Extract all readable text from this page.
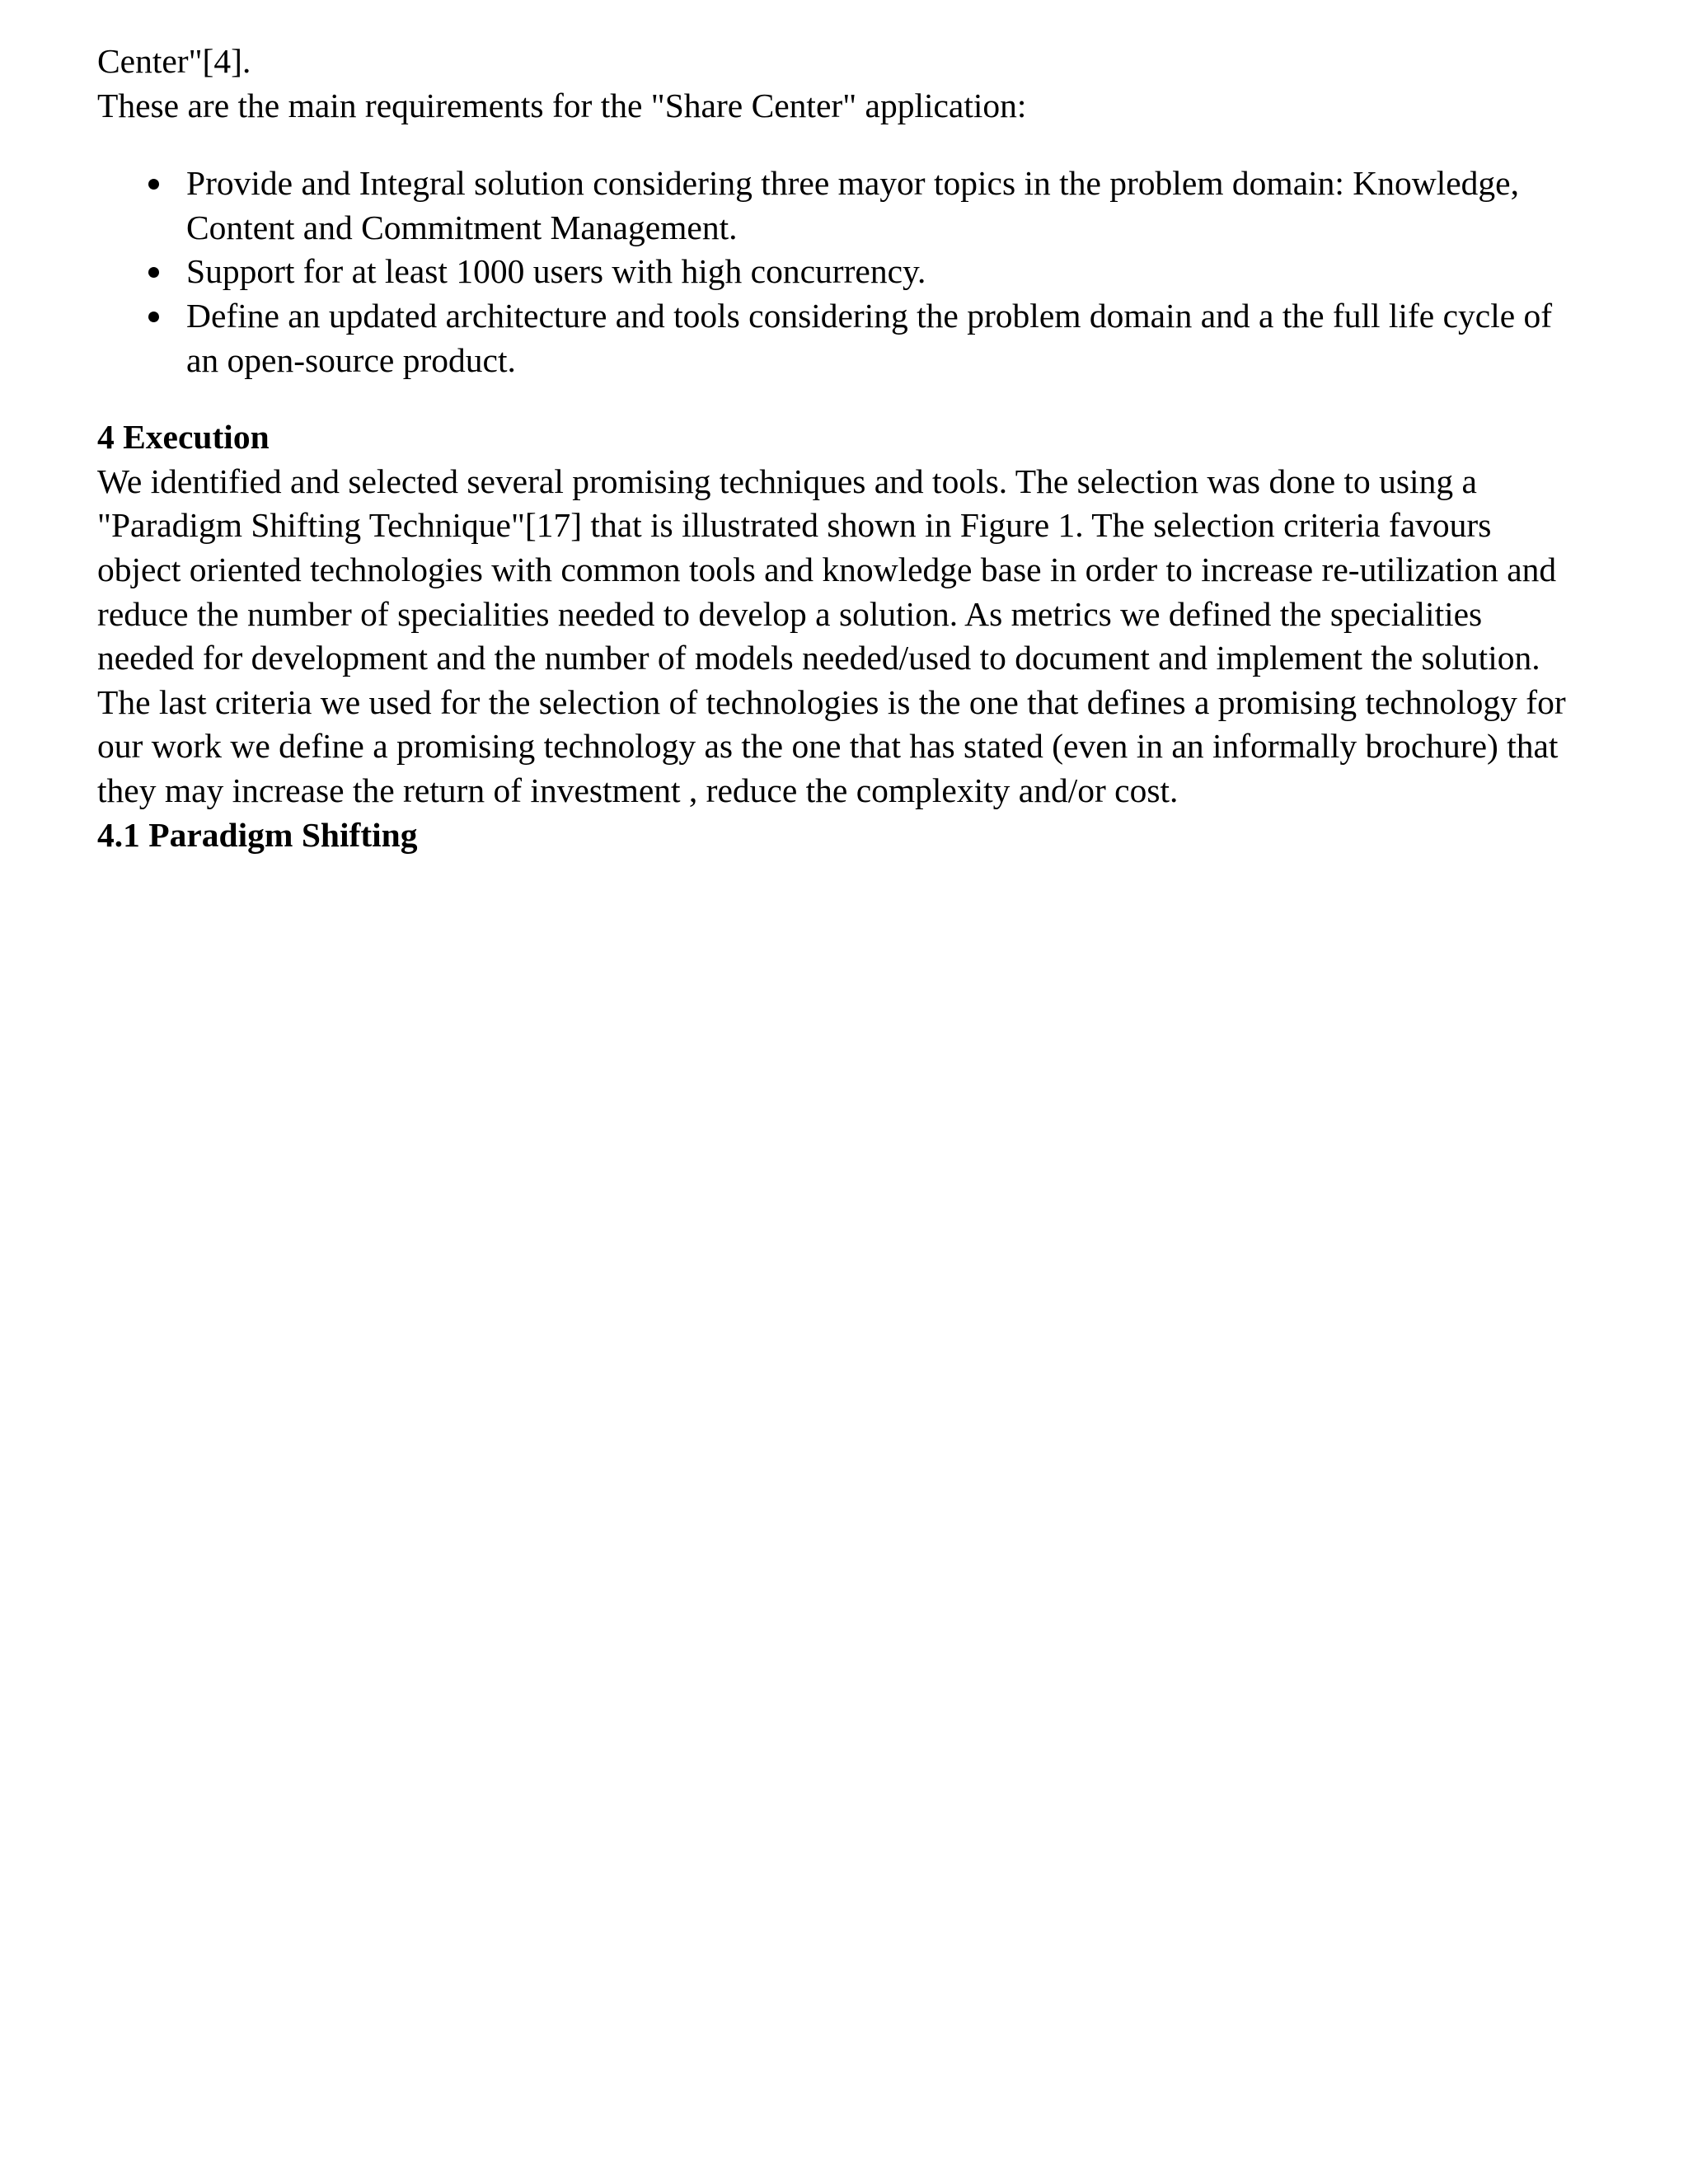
Center"[4].

These are the main requirements for the "Share Center" application:

Provide and Integral solution considering three mayor topics in the problem domain: Knowledge,
Content and Commitment Management.
Support for at least 1000 users with high concurrency.
Define an updated architecture and tools considering the problem domain and a the full life cycle of
an open-source product.

4 Execution

We identified and selected several promising techniques and tools. The selection was done to using a

"Paradigm Shifting Technique"[17] that is illustrated shown in Figure 1. The selection criteria favours

object oriented technologies with common tools and knowledge base in order to increase re-utilization and

reduce the number of specialities needed to develop a solution. As metrics we defined the specialities

needed for development and the number of models needed/used to document and implement the solution.

The last criteria we used for the selection of technologies is the one that defines a promising technology for

our work we define a promising technology as the one that has stated (even in an informally brochure) that

they may increase the return of investment , reduce the complexity and/or cost.

4.1 Paradigm Shifting
